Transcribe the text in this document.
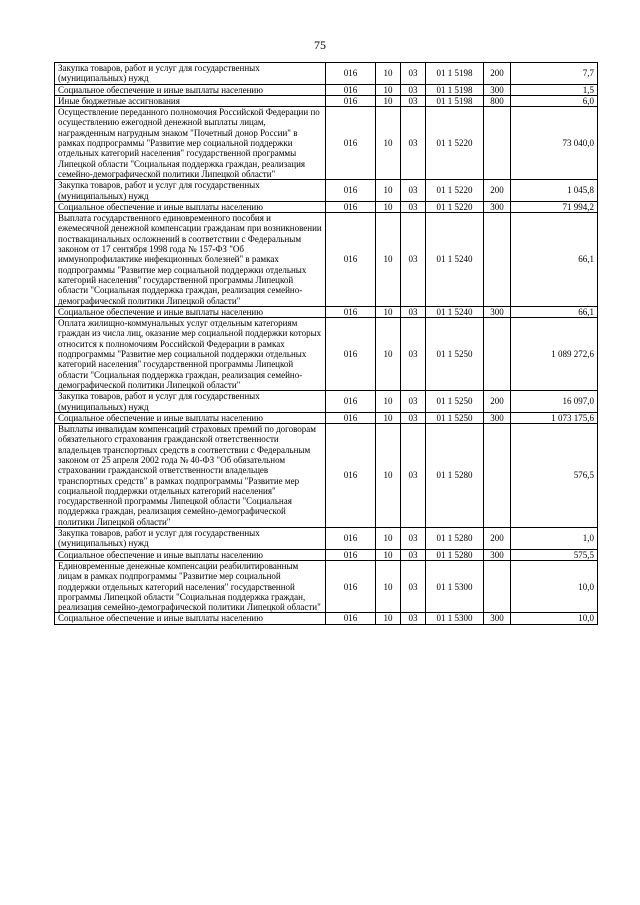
75
Закупка товаров, работ и услуг для государственных (муниципальных) нужд	016	10	03	01 1 5198	200	7,7
Социальное обеспечение и иные выплаты населению	016	10	03	01 1 5198	300	1,5
Иные бюджетные ассигнования	016	10	03	01 1 5198	800	6,0
Осуществление переданного полномочия Российской Федерации по осуществлению ежегодной денежной выплаты лицам, награжденным нагрудным знаком "Почетный донор России" в рамках подпрограммы "Развитие мер социальной поддержки отдельных категорий населения" государственной программы Липецкой области "Социальная поддержка граждан, реализация семейно-демографической политики Липецкой области"	016	10	03	01 1 5220		73 040,0
Закупка товаров, работ и услуг для государственных (муниципальных) нужд	016	10	03	01 1 5220	200	1 045,8
Социальное обеспечение и иные выплаты населению	016	10	03	01 1 5220	300	71 994,2
Выплата государственного единовременного пособия и ежемесячной денежной компенсации гражданам при возникновении поствакцинальных осложнений в соответствии с Федеральным законом от 17 сентября 1998 года № 157-ФЗ "Об иммунопрофилактике инфекционных болезней" в рамках подпрограммы "Развитие мер социальной поддержки отдельных категорий населения" государственной программы Липецкой области "Социальная поддержка граждан, реализация семейно-демографической политики Липецкой области"	016	10	03	01 1 5240		66,1
Социальное обеспечение и иные выплаты населению	016	10	03	01 1 5240	300	66,1
Оплата жилищно-коммунальных услуг отдельным категориям граждан из числа лиц, оказание мер социальной поддержки которых относится к полномочиям Российской Федерации в рамках подпрограммы "Развитие мер социальной поддержки отдельных категорий населения" государственной программы Липецкой области "Социальная поддержка граждан, реализация семейно-демографической политики Липецкой области"	016	10	03	01 1 5250		1 089 272,6
Закупка товаров, работ и услуг для государственных (муниципальных) нужд	016	10	03	01 1 5250	200	16 097,0
Социальное обеспечение и иные выплаты населению	016	10	03	01 1 5250	300	1 073 175,6
Выплаты инвалидам компенсаций страховых премий по договорам обязательного страхования гражданской ответственности владельцев транспортных средств в соответствии с Федеральным законом от 25 апреля 2002 года № 40-ФЗ "Об обязательном страховании гражданской ответственности владельцев транспортных средств" в рамках подпрограммы "Развитие мер социальной поддержки отдельных категорий населения" государственной программы Липецкой области "Социальная поддержка граждан, реализация семейно-демографической политики Липецкой области"	016	10	03	01 1 5280		576,5
Закупка товаров, работ и услуг для государственных (муниципальных) нужд	016	10	03	01 1 5280	200	1,0
Социальное обеспечение и иные выплаты населению	016	10	03	01 1 5280	300	575,5
Единовременные денежные компенсации реабилитированным лицам в рамках подпрограммы "Развитие мер социальной поддержки отдельных категорий населения" государственной программы Липецкой области "Социальная поддержка граждан, реализация семейно-демографической политики Липецкой области"	016	10	03	01 1 5300		10,0
Социальное обеспечение и иные выплаты населению	016	10	03	01 1 5300	300	10,0
